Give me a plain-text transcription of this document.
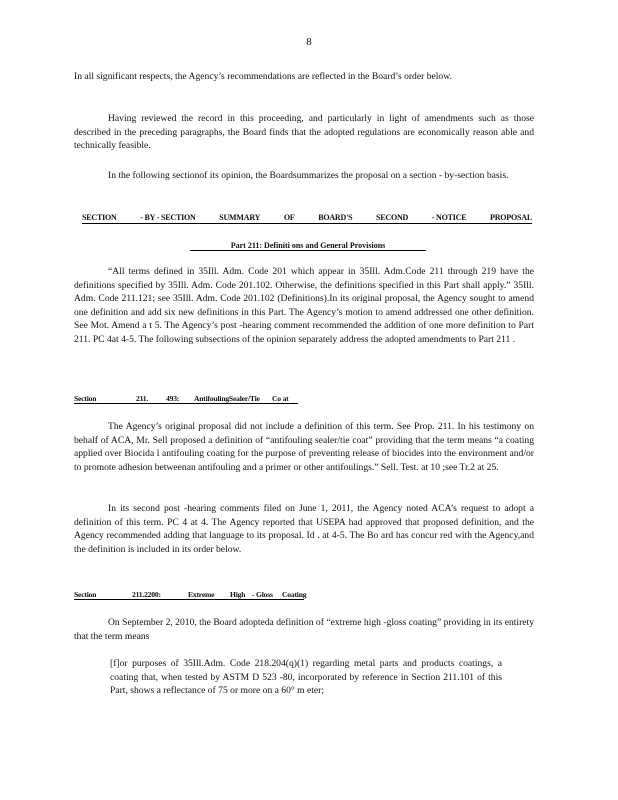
8

In all significant respects, the Agency’s recommendations are reflected in the Board’s order below.

Having reviewed the record in this proceeding, and particularly in light of amendments such as those described in the preceding paragraphs, the Board finds that the adopted regulations are economically reason able and technically feasible.

In the following sectionof its opinion, the Boardsummarizes the proposal on a section - by-section basis.

SECTION	- BY - SECTION	SUMMARY	OF	BOARD'S	SECOND	- NOTICE	PROPOSAL
Part 211: Definiti ons and General Provisions

“All terms defined in 35Ill. Adm. Code 201 which appear in 35Ill. Adm.Code 211 through 219 have the definitions specified by 35Ill. Adm. Code 201.102. Otherwise, the definitions specified in this Part shall apply.” 35Ill. Adm. Code 211.121; see 35Ill. Adm. Code 201.102 (Definitions).In its original proposal, the Agency sought to amend one definition and add six new definitions in this Part. The Agency’s motion to amend addressed one other definition. See Mot. Amend a t 5. The Agency’s post -hearing comment recommended the addition of one more definition to Part 211. PC 4at 4-5. The following subsections of the opinion separately address the adopted amendments to Part 211 .

Section	211. 493: AntifoulingSealer/Tie Co at

The Agency’s original proposal did not include a definition of this term. See Prop. 211. In his testimony on behalf of ACA, Mr. Sell proposed a definition of “antifouling sealer/tie coat” providing that the term means “a coating applied over Biocida l antifouling coating for the purpose of preventing release of biocides into the environment and/or to promote adhesion betweenan antifouling and a primer or other antifoulings.” Sell. Test. at 10 ;see Tr.2 at 25.

In its second post -hearing comments filed on June 1, 2011, the Agency noted ACA’s request to adopt a definition of this term. PC 4 at 4. The Agency reported that USEPA had approved that proposed definition, and the Agency recommended adding that language to its proposal. Id . at 4-5. The Bo ard has concur red with the Agency,and the definition is included in its order below.

Section	211.2200:	Extreme High - Gloss Coating

On September 2, 2010, the Board adopteda definition of “extreme high -gloss coating” providing in its entirety that the term means

[f]or purposes of 35Ill.Adm. Code 218.204(q)(1) regarding metal parts and products coatings, a coating that, when tested by ASTM D 523 -80, incorporated by reference in Section 211.101 of this Part, shows a reflectance of 75 or more on a 60° m eter;
